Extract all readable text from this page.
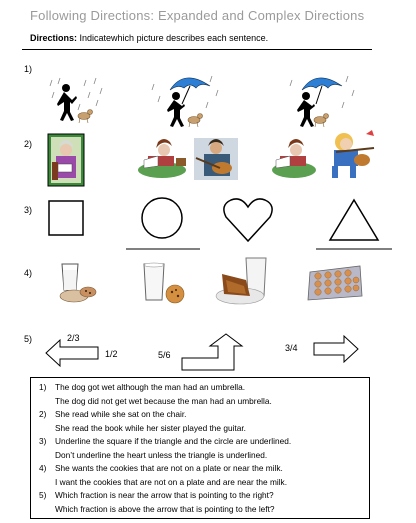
Following Directions: Expanded and Complex Directions
Directions: Indicatewhich picture describes each sentence.
1)
2)
3)
4)
5)	2/3
1/2	5/6
3/4
1) The dog got wet although the man had an umbrella.
The dog did not get wet because the man had an umbrella.
2) She read while she sat on the chair.
She read the book while her sister played the guitar.
3) Underline the square if the triangle and the circle are underlined.
Don’t underline the heart unless the triangle is underlined.
4) She wants the cookies that are not on a plate or near the milk.
I want the cookies that are not on a plate and are near the milk.
5) Which fraction is near the arrow that is pointing to the right?
Which fraction is above the arrow that is pointing to the left?
